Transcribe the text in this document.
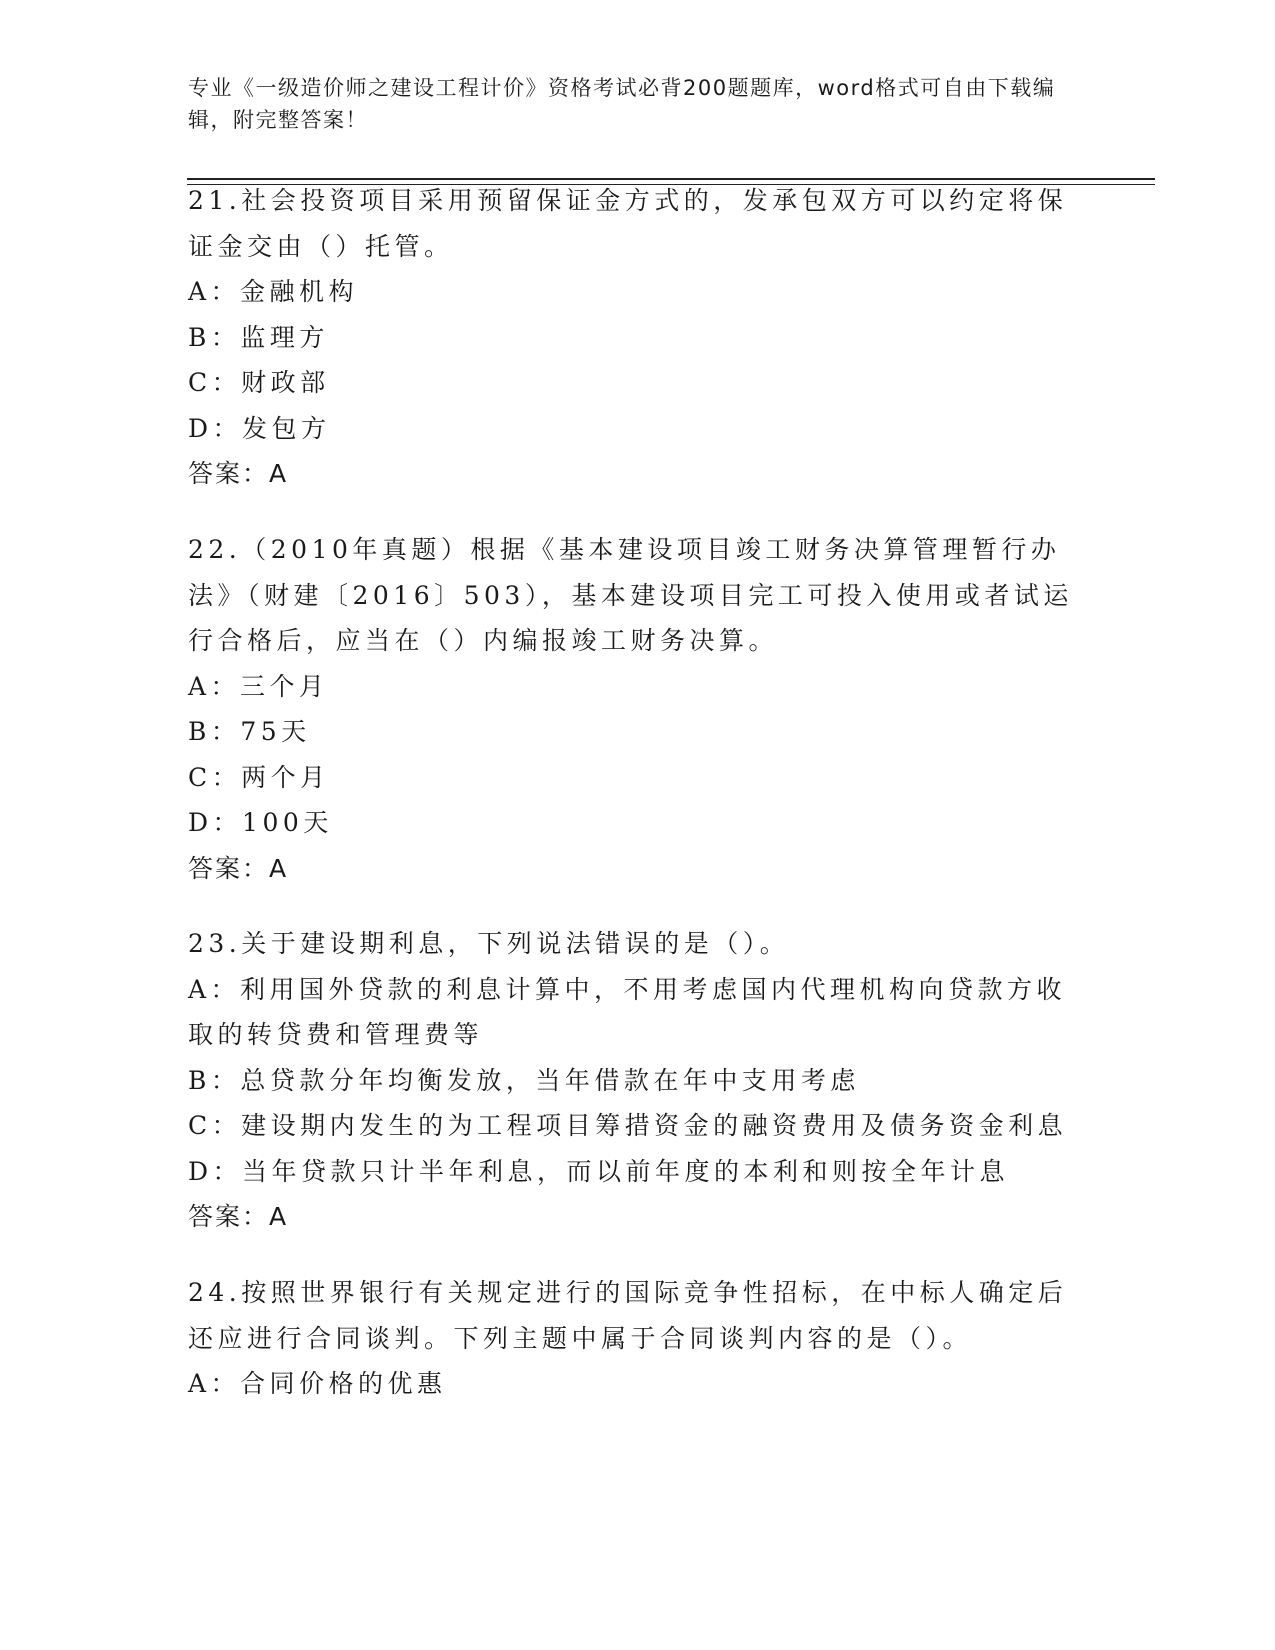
专业《一级造价师之建设工程计价》资格考试必背200题题库，word格式可自由下载编辑，附完整答案！

21.社会投资项目采用预留保证金方式的，发承包双方可以约定将保证金交由（）托管。

A：金融机构

B：监理方

C：财政部

D：发包方

答案：A

22.（2010年真题）根据《基本建设项目竣工财务决算管理暂行办法》（财建〔2016〕503），基本建设项目完工可投入使用或者试运行合格后，应当在（）内编报竣工财务决算。

A：三个月

B：75天

C：两个月

D：100天

答案：A

23.关于建设期利息，下列说法错误的是（）。

A：利用国外贷款的利息计算中，不用考虑国内代理机构向贷款方收取的转贷费和管理费等

B：总贷款分年均衡发放，当年借款在年中支用考虑

C：建设期内发生的为工程项目筹措资金的融资费用及债务资金利息

D：当年贷款只计半年利息，而以前年度的本利和则按全年计息

答案：A

24.按照世界银行有关规定进行的国际竞争性招标，在中标人确定后还应进行合同谈判。下列主题中属于合同谈判内容的是（）。

A：合同价格的优惠
